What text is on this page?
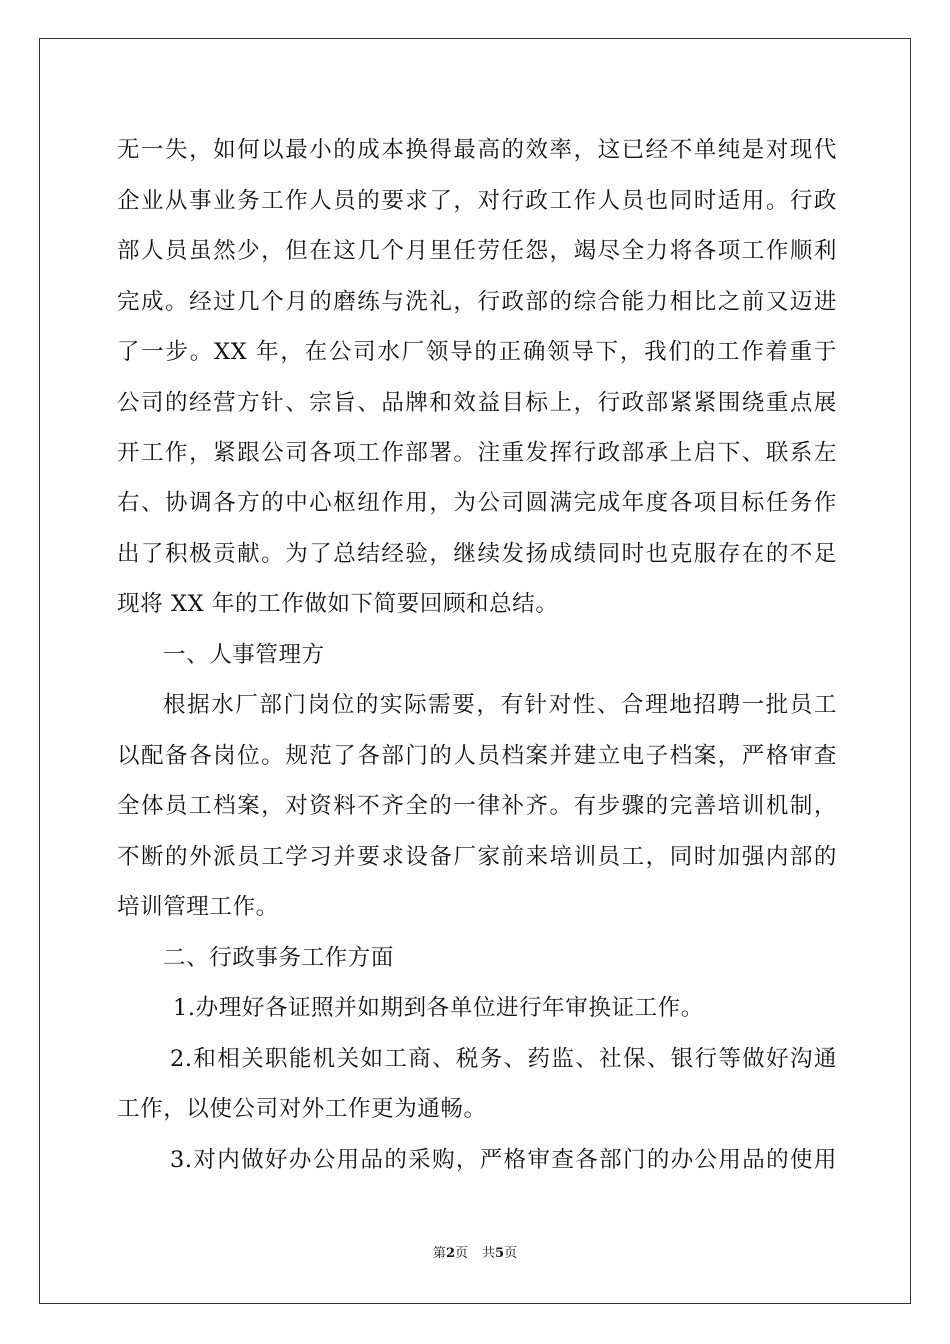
无一失，如何以最小的成本换得最高的效率，这已经不单纯是对现代
企业从事业务工作人员的要求了，对行政工作人员也同时适用。行政
部人员虽然少，但在这几个月里任劳任怨，竭尽全力将各项工作顺利
完成。经过几个月的磨练与洗礼，行政部的综合能力相比之前又迈进
了一步。XX 年，在公司水厂领导的正确领导下，我们的工作着重于
公司的经营方针、宗旨、品牌和效益目标上，行政部紧紧围绕重点展
开工作，紧跟公司各项工作部署。注重发挥行政部承上启下、联系左
右、协调各方的中心枢纽作用，为公司圆满完成年度各项目标任务作
出了积极贡献。为了总结经验，继续发扬成绩同时也克服存在的不足
现将 XX 年的工作做如下简要回顾和总结。
一、人事管理方
根据水厂部门岗位的实际需要，有针对性、合理地招聘一批员工
以配备各岗位。规范了各部门的人员档案并建立电子档案，严格审查
全体员工档案，对资料不齐全的一律补齐。有步骤的完善培训机制，
不断的外派员工学习并要求设备厂家前来培训员工，同时加强内部的
培训管理工作。
二、行政事务工作方面
1.办理好各证照并如期到各单位进行年审换证工作。
2.和相关职能机关如工商、税务、药监、社保、银行等做好沟通
工作，以使公司对外工作更为通畅。
3.对内做好办公用品的采购，严格审查各部门的办公用品的使用
第2页 共5页
